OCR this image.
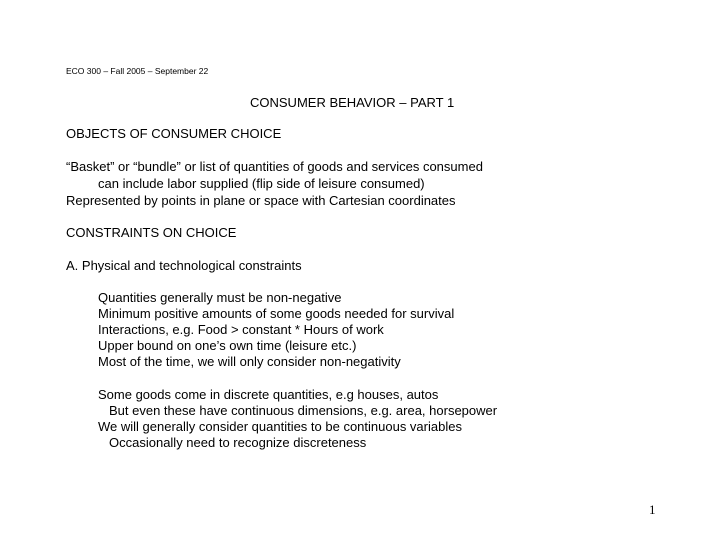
ECO 300 – Fall 2005 – September 22
CONSUMER BEHAVIOR – PART 1
OBJECTS OF CONSUMER CHOICE
“Basket” or “bundle” or list of quantities of goods and services consumed
can include labor supplied (flip side of leisure consumed)
Represented by points in plane or space with Cartesian coordinates
CONSTRAINTS ON CHOICE
A. Physical and technological constraints
Quantities generally must be non-negative
Minimum positive amounts of some goods needed for survival
Interactions, e.g. Food > constant * Hours of work
Upper bound on one’s own time (leisure etc.)
Most of the time, we will only consider non-negativity
Some goods come in discrete quantities, e.g houses, autos
But even these have continuous dimensions, e.g. area, horsepower
We will generally consider quantities to be continuous variables
Occasionally need to recognize discreteness
1
